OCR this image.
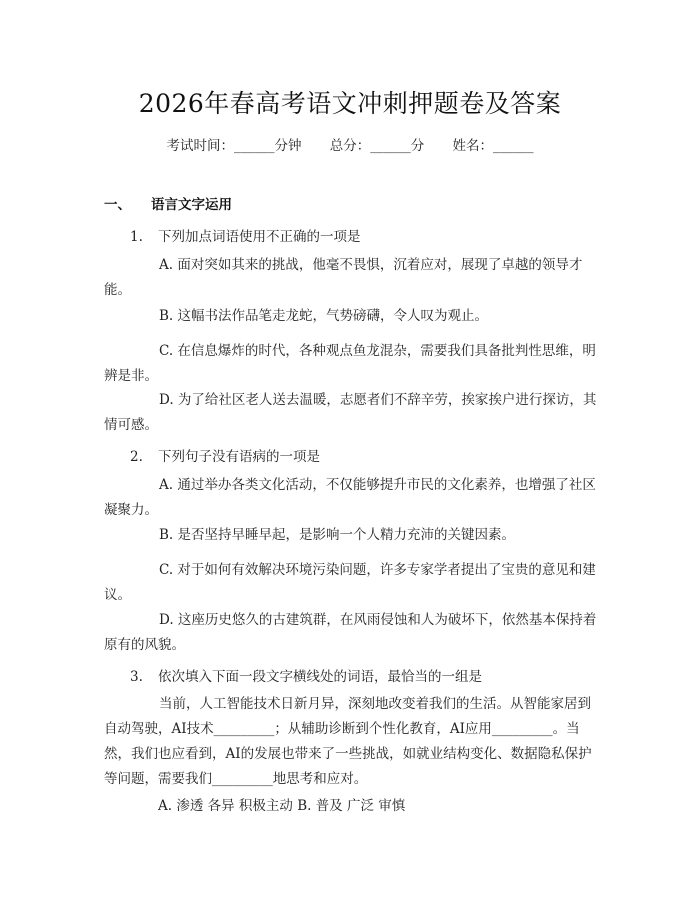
2026年春高考语文冲刺押题卷及答案
考试时间：______分钟 总分：______分 姓名：______
一、 语言文字运用
1. 下列加点词语使用不正确的一项是
A. 面对突如其来的挑战，他毫不畏惧，沉着应对，展现了卓越的领导才能。
B. 这幅书法作品笔走龙蛇，气势磅礴，令人叹为观止。
C. 在信息爆炸的时代，各种观点鱼龙混杂，需要我们具备批判性思维，明辨是非。
D. 为了给社区老人送去温暖，志愿者们不辞辛劳，挨家挨户进行探访，其情可感。
2. 下列句子没有语病的一项是
A. 通过举办各类文化活动，不仅能够提升市民的文化素养，也增强了社区凝聚力。
B. 是否坚持早睡早起，是影响一个人精力充沛的关键因素。
C. 对于如何有效解决环境污染问题，许多专家学者提出了宝贵的意见和建议。
D. 这座历史悠久的古建筑群，在风雨侵蚀和人为破坏下，依然基本保持着原有的风貌。
3. 依次填入下面一段文字横线处的词语，最恰当的一组是
当前，人工智能技术日新月异，深刻地改变着我们的生活。从智能家居到自动驾驶，AI技术_________；从辅助诊断到个性化教育，AI应用_________。当然，我们也应看到，AI的发展也带来了一些挑战，如就业结构变化、数据隐私保护等问题，需要我们_________地思考和应对。
A. 渗透 各异 积极主动 B. 普及 广泛 审慎
